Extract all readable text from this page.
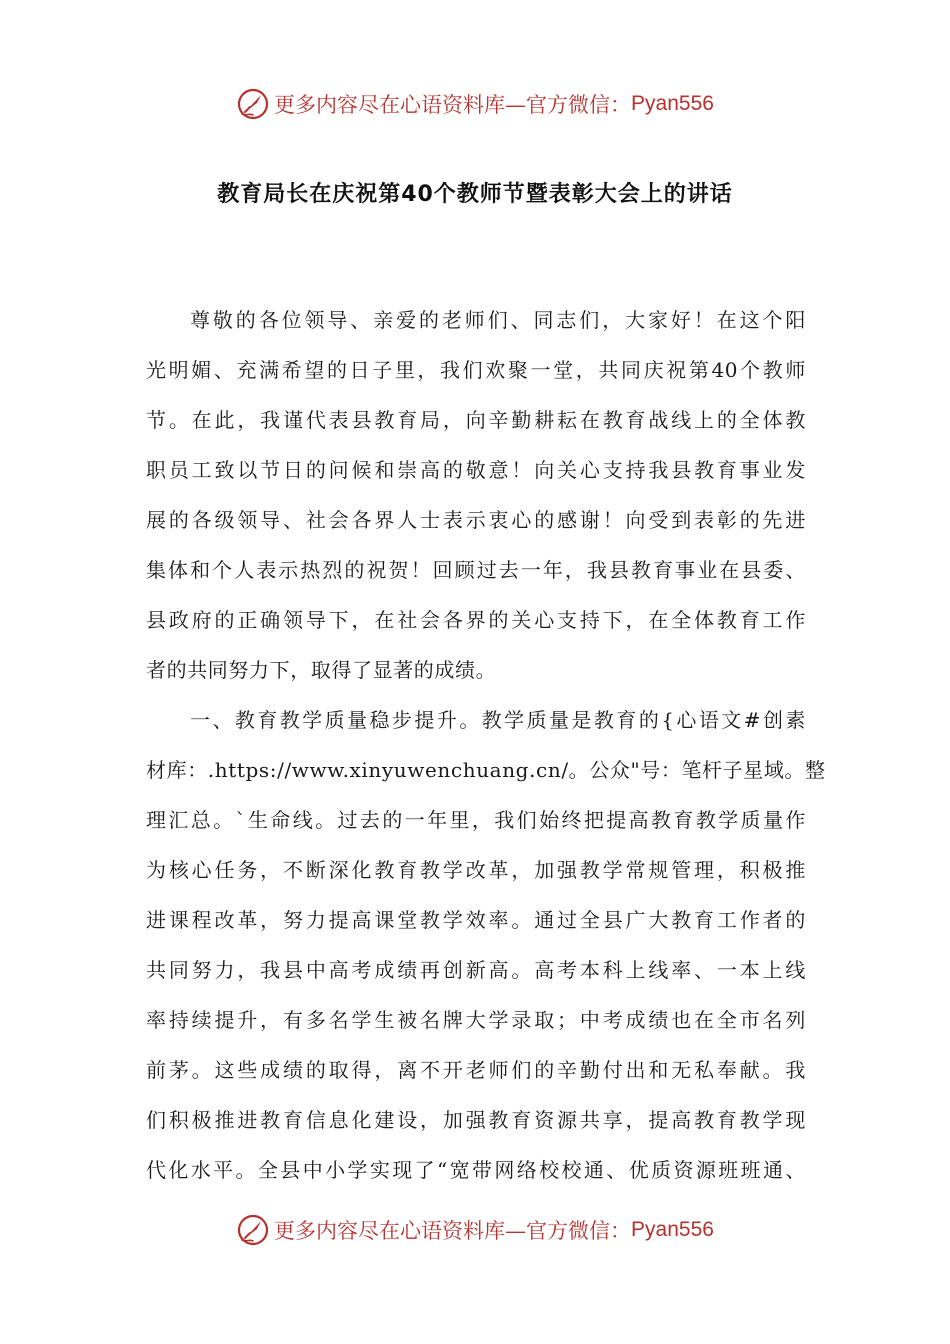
更多内容尽在心语资料库—官方微信： Pyan556
教育局长在庆祝第40个教师节暨表彰大会上的讲话
尊敬的各位领导、亲爱的老师们、同志们，大家好！在这个阳
光明媚、充满希望的日子里，我们欢聚一堂，共同庆祝第40个教师
节。在此，我谨代表县教育局，向辛勤耕耘在教育战线上的全体教
职员工致以节日的问候和崇高的敬意！向关心支持我县教育事业发
展的各级领导、社会各界人士表示衷心的感谢！向受到表彰的先进
集体和个人表示热烈的祝贺！回顾过去一年，我县教育事业在县委、
县政府的正确领导下，在社会各界的关心支持下，在全体教育工作
者的共同努力下，取得了显著的成绩。
一、教育教学质量稳步提升。教学质量是教育的{心语文#创素
材库：.https://www.xinyuwenchuang.cn/。公众"号：笔杆子星域。整
理汇总。`生命线。过去的一年里，我们始终把提高教育教学质量作
为核心任务，不断深化教育教学改革，加强教学常规管理，积极推
进课程改革，努力提高课堂教学效率。通过全县广大教育工作者的
共同努力，我县中高考成绩再创新高。高考本科上线率、一本上线
率持续提升，有多名学生被名牌大学录取；中考成绩也在全市名列
前茅。这些成绩的取得，离不开老师们的辛勤付出和无私奉献。我
们积极推进教育信息化建设，加强教育资源共享，提高教育教学现
代化水平。全县中小学实现了“宽带网络校校通、优质资源班班通、
更多内容尽在心语资料库—官方微信： Pyan556
